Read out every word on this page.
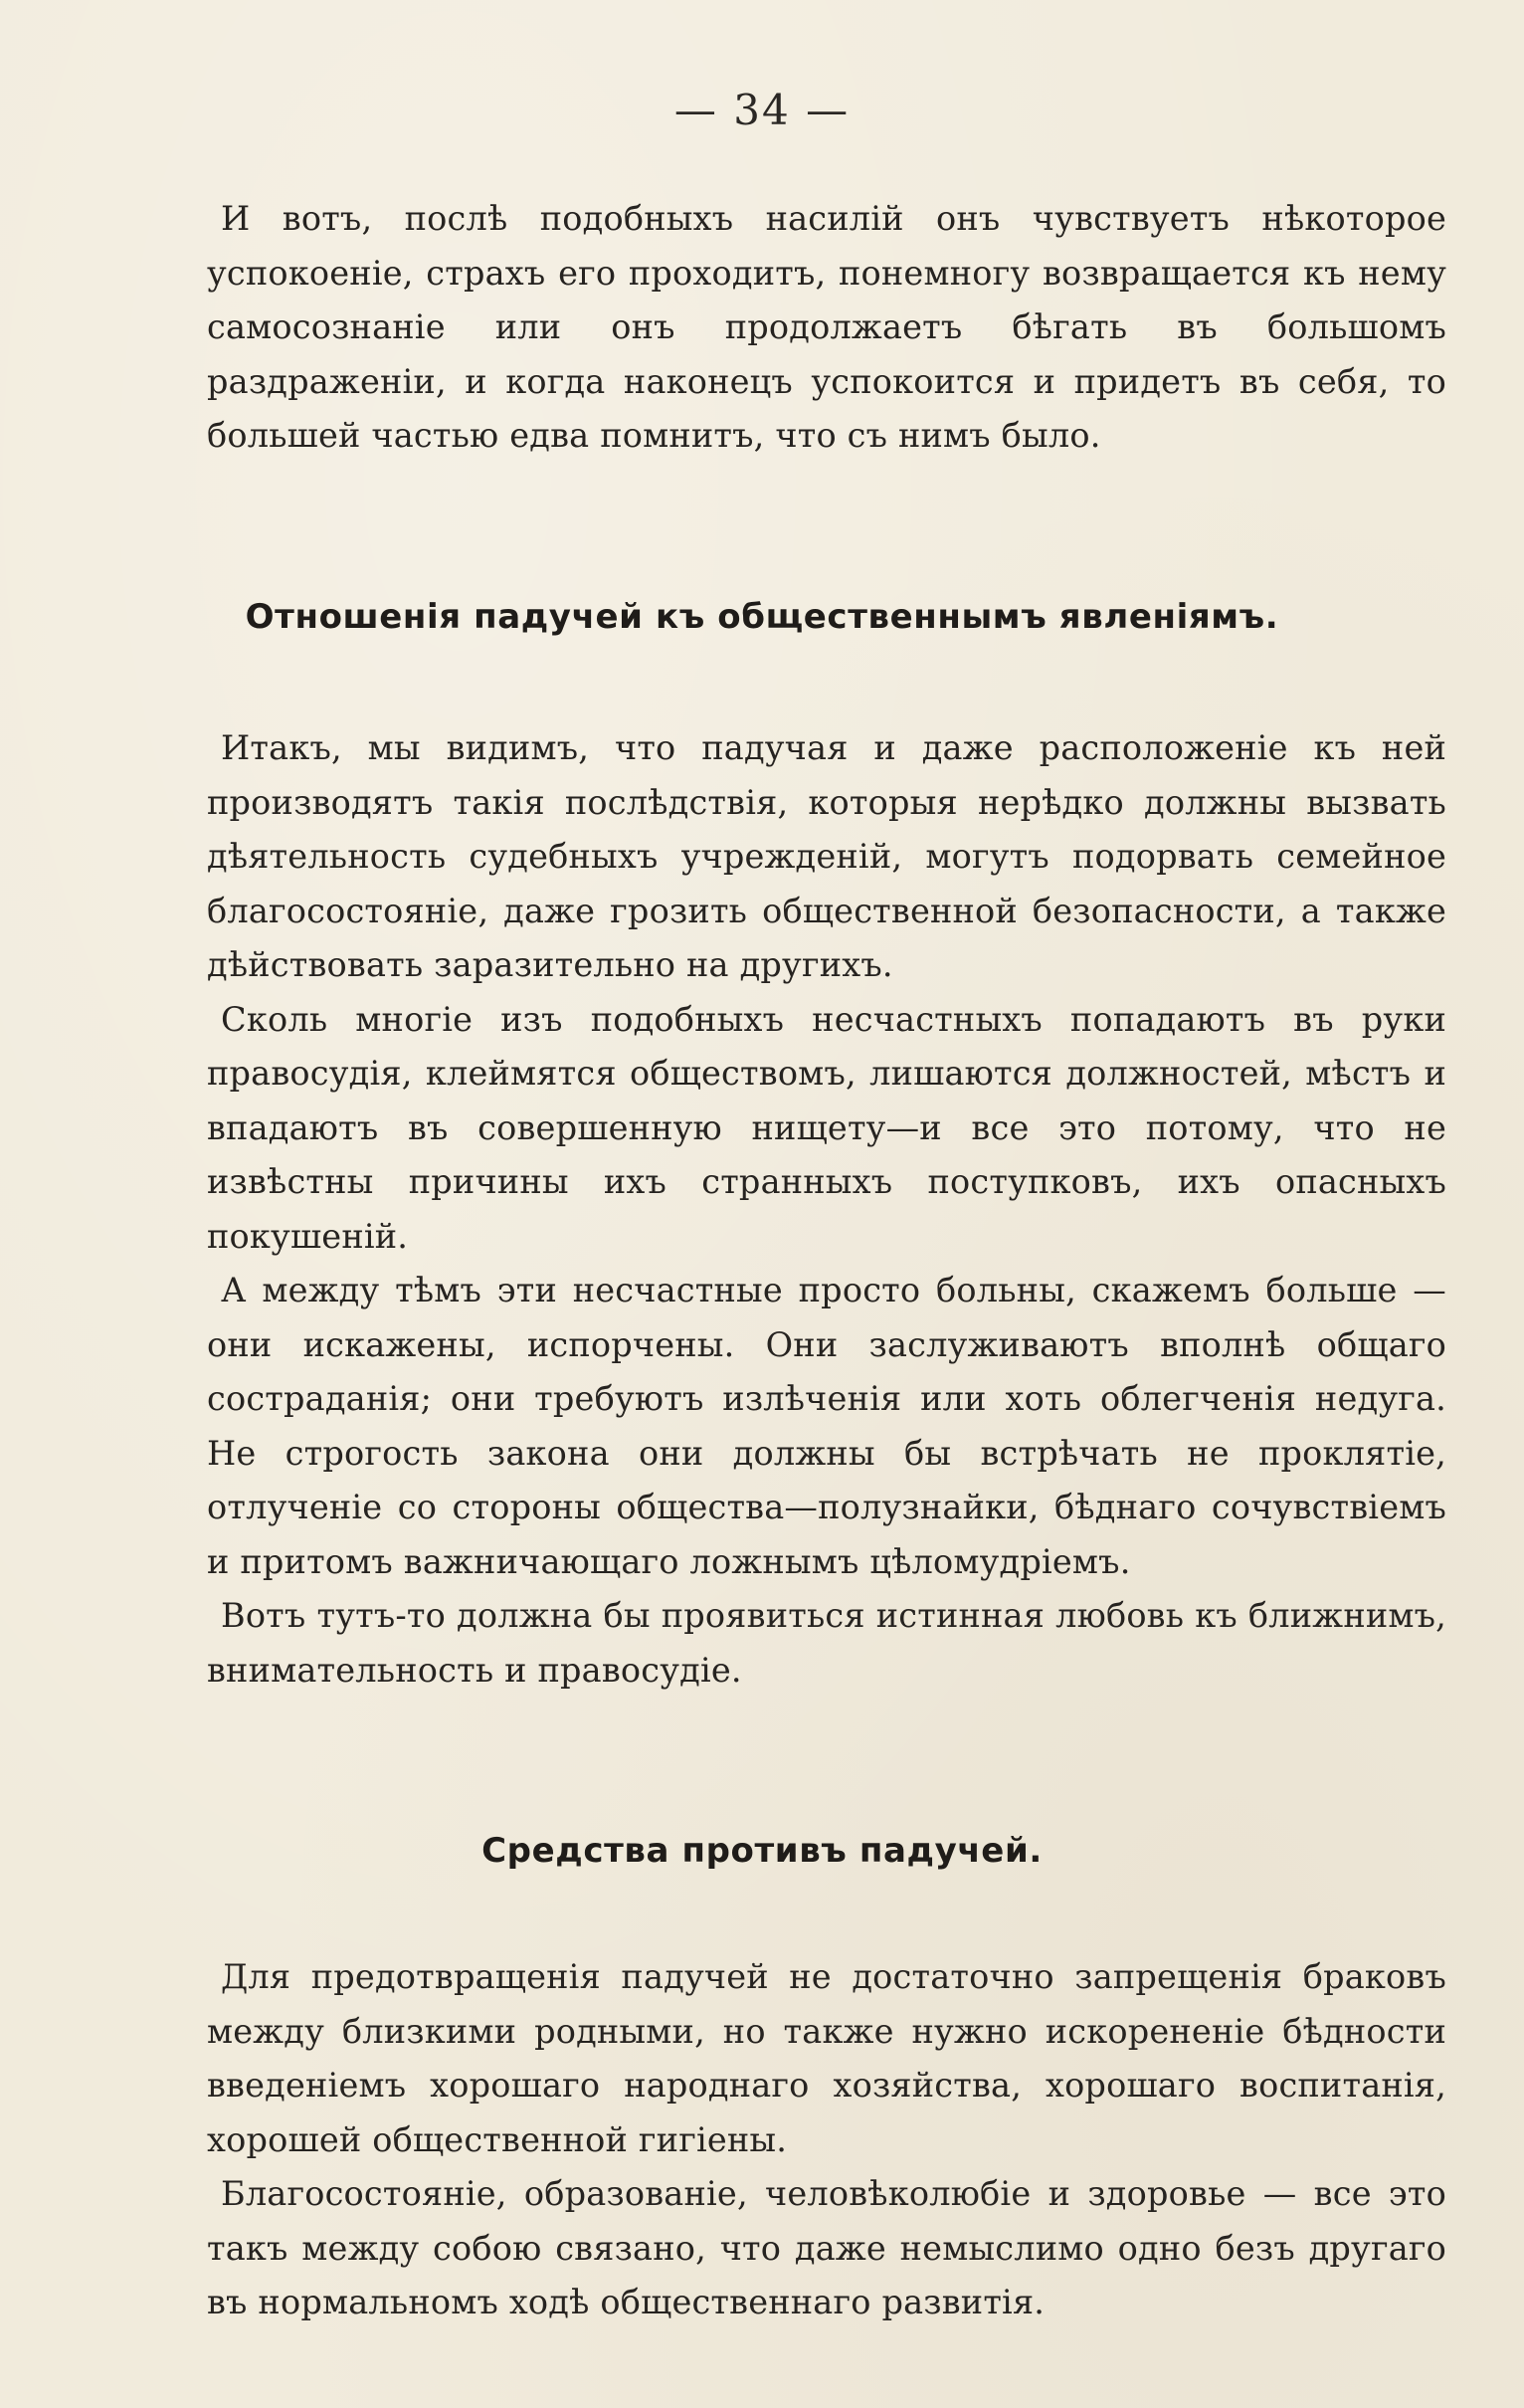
— 34 —

И вотъ, послѣ подобныхъ насилій онъ чувствуетъ нѣкоторое успокоеніе, страхъ его проходитъ, понемногу возвращается къ нему самосознаніе или онъ продолжаетъ бѣгать въ большомъ раздраженіи, и когда наконецъ успокоится и придетъ въ себя, то большей частью едва помнитъ, что съ нимъ было.

Отношенія падучей къ общественнымъ явленіямъ.

Итакъ, мы видимъ, что падучая и даже расположеніе къ ней производятъ такія послѣдствія, которыя нерѣдко должны вызвать дѣятельность судебныхъ учрежденій, могутъ подорвать семейное благосостояніе, даже грозить общественной безопасности, а также дѣйствовать заразительно на другихъ.

Сколь многіе изъ подобныхъ несчастныхъ попадаютъ въ руки правосудія, клеймятся обществомъ, лишаются должностей, мѣстъ и впадаютъ въ совершенную нищету—и все это потому, что не извѣстны причины ихъ странныхъ поступковъ, ихъ опасныхъ покушеній.

А между тѣмъ эти несчастные просто больны, скажемъ больше — они искажены, испорчены. Они заслуживаютъ вполнѣ общаго состраданія; они требуютъ излѣченія или хоть облегченія недуга. Не строгость закона они должны бы встрѣчать не проклятіе, отлученіе со стороны общества—полузнайки, бѣднаго сочувствіемъ и притомъ важничающаго ложнымъ цѣломудріемъ.

Вотъ тутъ-то должна бы проявиться истинная любовь къ ближнимъ, внимательность и правосудіе.

Средства противъ падучей.

Для предотвращенія падучей не достаточно запрещенія браковъ между близкими родными, но также нужно искорененіе бѣдности введеніемъ хорошаго народнаго хозяйства, хорошаго воспитанія, хорошей общественной гигіены.

Благосостояніе, образованіе, человѣколюбіе и здоровье — все это такъ между собою связано, что даже немыслимо одно безъ другаго въ нормальномъ ходѣ общественнаго развитія.
